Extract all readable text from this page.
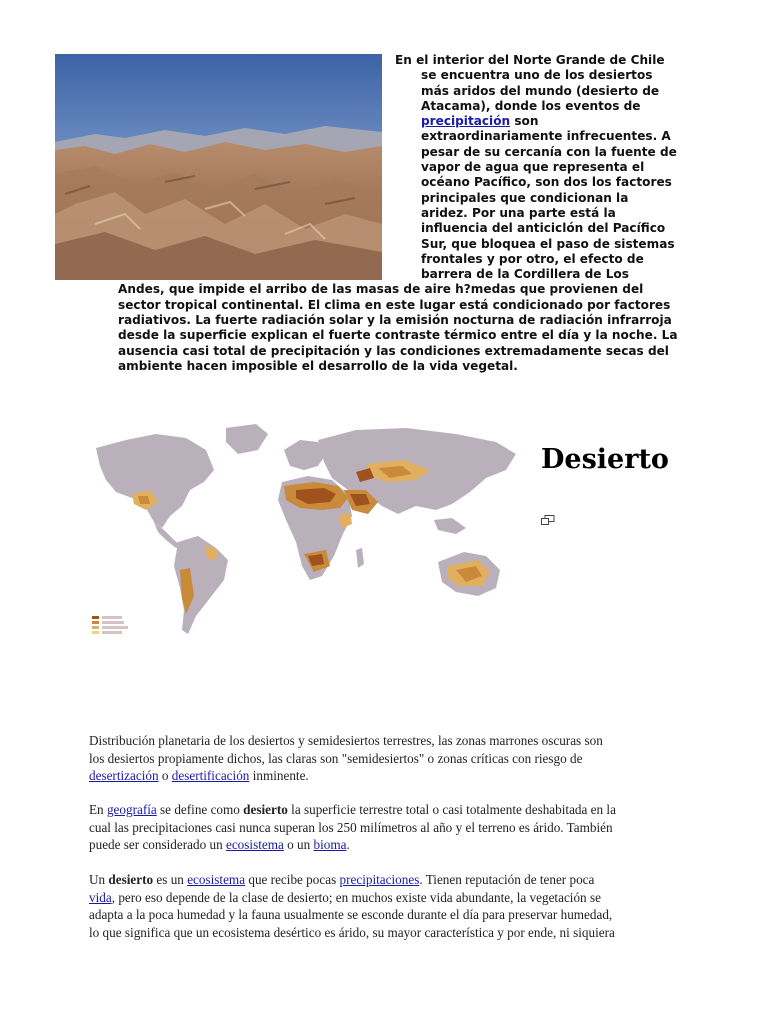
En el interior del Norte Grande de Chile
se encuentra uno de los desiertos
más aridos del mundo (desierto de
Atacama), donde los eventos de
precipitación son
extraordinariamente infrecuentes. A
pesar de su cercanía con la fuente de
vapor de agua que representa el
océano Pacífico, son dos los factores
principales que condicionan la
aridez. Por una parte está la
influencia del anticiclón del Pacífico
Sur, que bloquea el paso de sistemas
frontales y por otro, el efecto de
barrera de la Cordillera de Los
Andes, que impide el arribo de las masas de aire h?medas que provienen del
sector tropical continental. El clima en este lugar está condicionado por factores
radiativos. La fuerte radiación solar y la emisión nocturna de radiación infrarroja
desde la superficie explican el fuerte contraste térmico entre el día y la noche. La
ausencia casi total de precipitación y las condiciones extremadamente secas del
ambiente hacen imposible el desarrollo de la vida vegetal.
Desierto
Distribución planetaria de los desiertos y semidesiertos terrestres, las zonas marrones oscuras son
los desiertos propiamente dichos, las claras son "semidesiertos" o zonas críticas con riesgo de
desertización o desertificación inminente.
En geografía se define como desierto la superficie terrestre total o casi totalmente deshabitada en la
cual las precipitaciones casi nunca superan los 250 milímetros al año y el terreno es árido. También
puede ser considerado un ecosistema o un bioma.
Un desierto es un ecosistema que recibe pocas precipitaciones. Tienen reputación de tener poca
vida, pero eso depende de la clase de desierto; en muchos existe vida abundante, la vegetación se
adapta a la poca humedad y la fauna usualmente se esconde durante el día para preservar humedad,
lo que significa que un ecosistema desértico es árido, su mayor característica y por ende, ni siquiera
